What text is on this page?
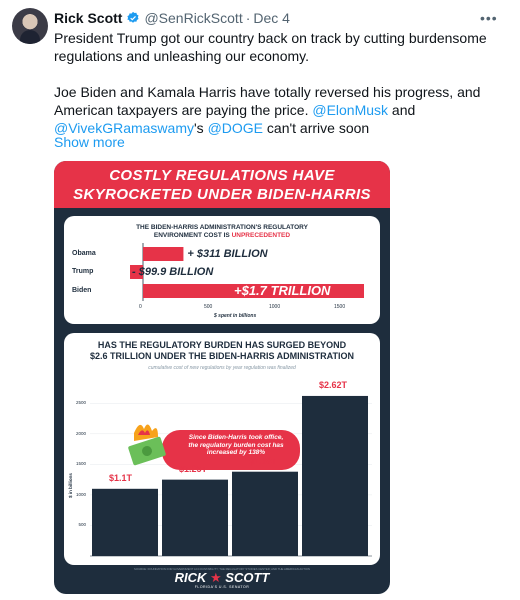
Rick Scott @SenRickScott · Dec 4	•••

President Trump got our country back on track by cutting burdensome regulations and unleashing our economy.

Joe Biden and Kamala Harris have totally reversed his progress, and American taxpayers are paying the price. @ElonMusk and @VivekGRamaswamy's @DOGE can't arrive soon

Show more
COSTLY REGULATIONS HAVE
SKYROCKETED UNDER BIDEN-HARRIS
THE BIDEN-HARRIS ADMINISTRATION'S REGULATORY
ENVIRONMENT COST IS UNPRECEDENTED
Obama	+ $311 BILLION
Trump	- $99.9 BILLION
Biden	+$1.7 TRILLION
0	500	1000	1500
$ spent in billions
HAS THE REGULATORY BURDEN HAS SURGED BEYOND
$2.6 TRILLION UNDER THE BIDEN-HARRIS ADMINISTRATION
cumulative cost of new regulations by year regulation was finalized
500
1000
1500
2000
2500
$1.1T
$1.25T
$1.38T
$2.62T
$ in billions
Since Biden-Harris took office, the regulatory burden cost has increased by 138%
SOURCE: FOUNDATION FOR GOVERNMENT ACCOUNTABILITY; THE REGULATORY STUDIES CENTER; AND THE AMERICAN ACTION
RICK ★ SCOTT
FLORIDA'S U.S. SENATOR
